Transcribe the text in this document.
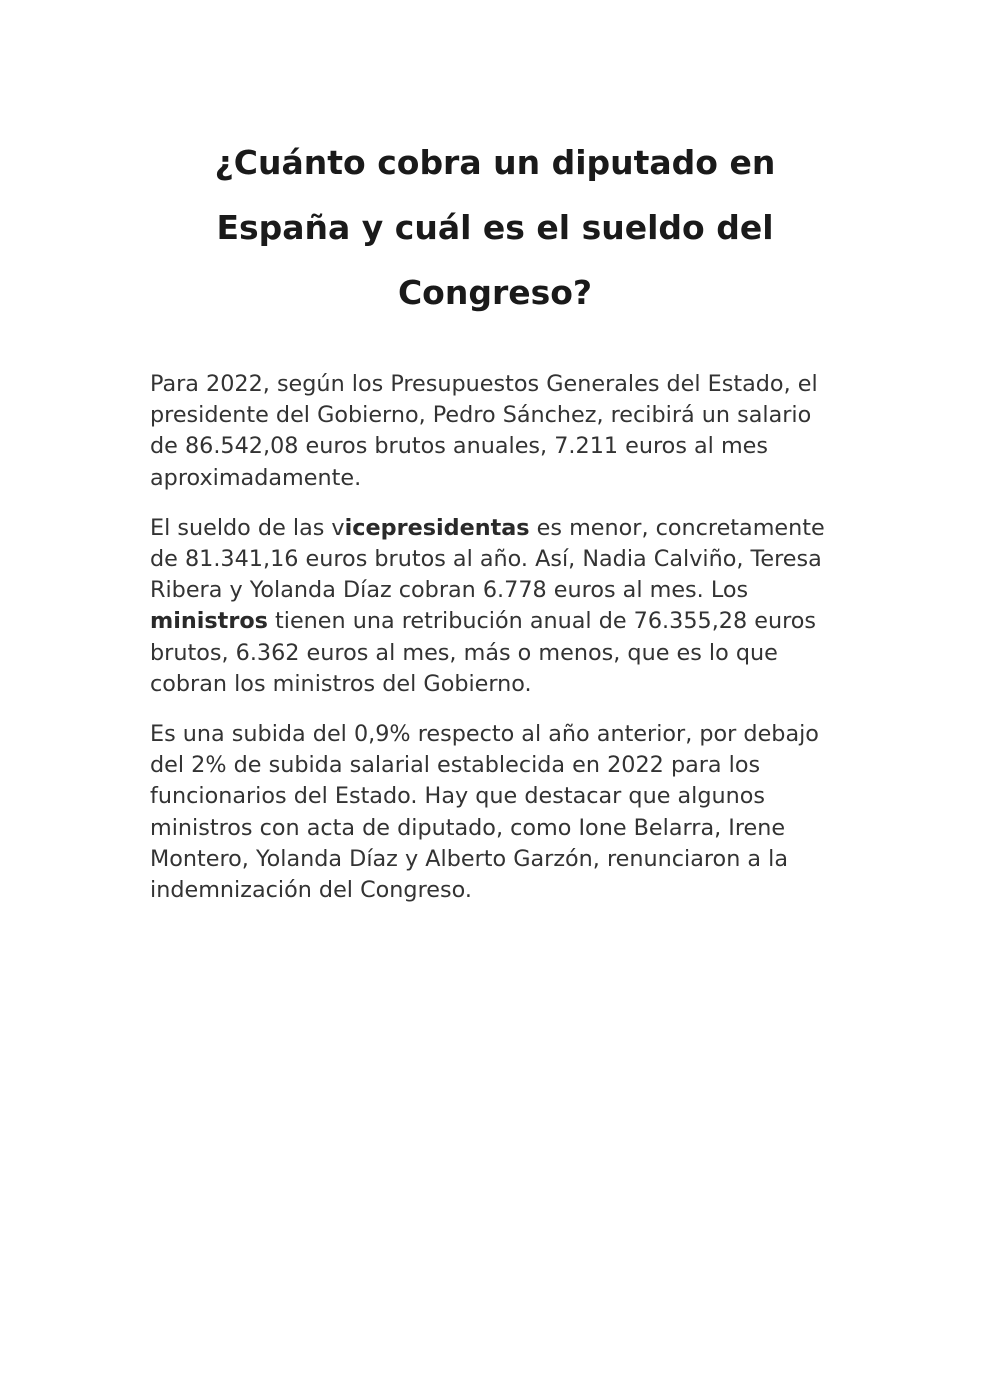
¿Cuánto cobra un diputado en España y cuál es el sueldo del Congreso?

Para 2022, según los Presupuestos Generales del Estado, el presidente del Gobierno, Pedro Sánchez, recibirá un salario de 86.542,08 euros brutos anuales, 7.211 euros al mes aproximadamente.

El sueldo de las vicepresidentas es menor, concretamente de 81.341,16 euros brutos al año. Así, Nadia Calviño, Teresa Ribera y Yolanda Díaz cobran 6.778 euros al mes. Los ministros tienen una retribución anual de 76.355,28 euros brutos, 6.362 euros al mes, más o menos, que es lo que cobran los ministros del Gobierno.

Es una subida del 0,9% respecto al año anterior, por debajo del 2% de subida salarial establecida en 2022 para los funcionarios del Estado. Hay que destacar que algunos ministros con acta de diputado, como Ione Belarra, Irene Montero, Yolanda Díaz y Alberto Garzón, renunciaron a la indemnización del Congreso.
